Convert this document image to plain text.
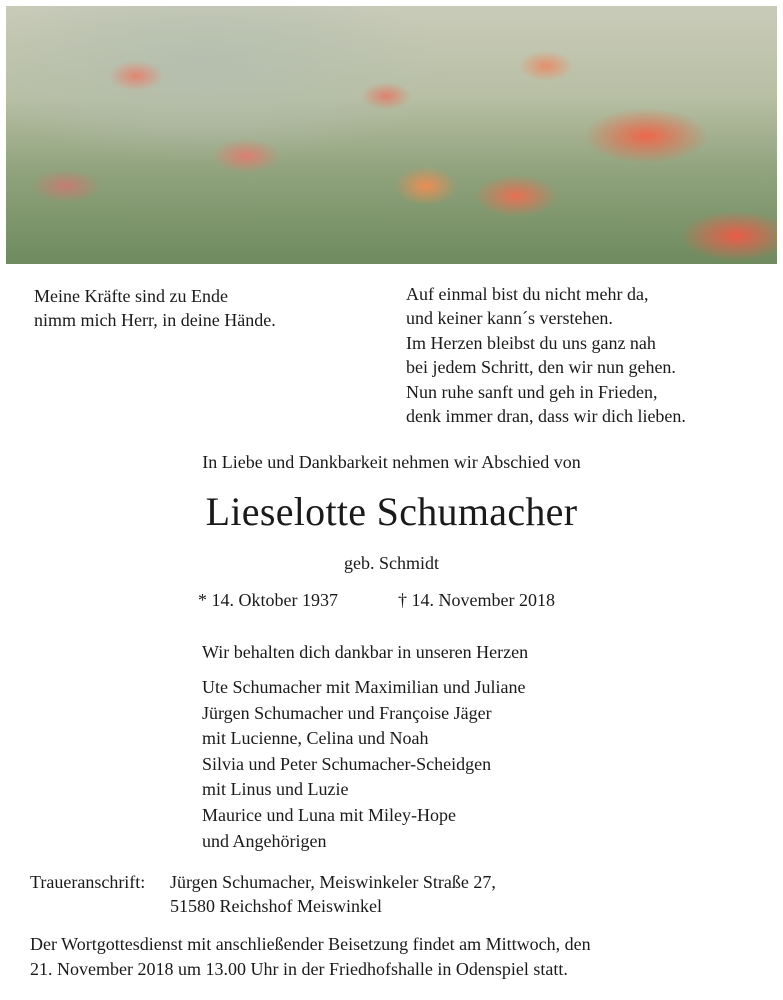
Meine Kräfte sind zu Ende
nimm mich Herr, in deine Hände.
Auf einmal bist du nicht mehr da,
und keiner kann´s verstehen.
Im Herzen bleibst du uns ganz nah
bei jedem Schritt, den wir nun gehen.
Nun ruhe sanft und geh in Frieden,
denk immer dran, dass wir dich lieben.
In Liebe und Dankbarkeit nehmen wir Abschied von
Lieselotte Schumacher
geb. Schmidt
* 14. Oktober 1937	† 14. November 2018
Wir behalten dich dankbar in unseren Herzen
Ute Schumacher mit Maximilian und Juliane
Jürgen Schumacher und Françoise Jäger
mit Lucienne, Celina und Noah
Silvia und Peter Schumacher-Scheidgen
mit Linus und Luzie
Maurice und Luna mit Miley-Hope
und Angehörigen
Traueranschrift: Jürgen Schumacher, Meiswinkeler Straße 27,
51580 Reichshof Meiswinkel
Der Wortgottesdienst mit anschließender Beisetzung findet am Mittwoch, den
21. November 2018 um 13.00 Uhr in der Friedhofshalle in Odenspiel statt.
